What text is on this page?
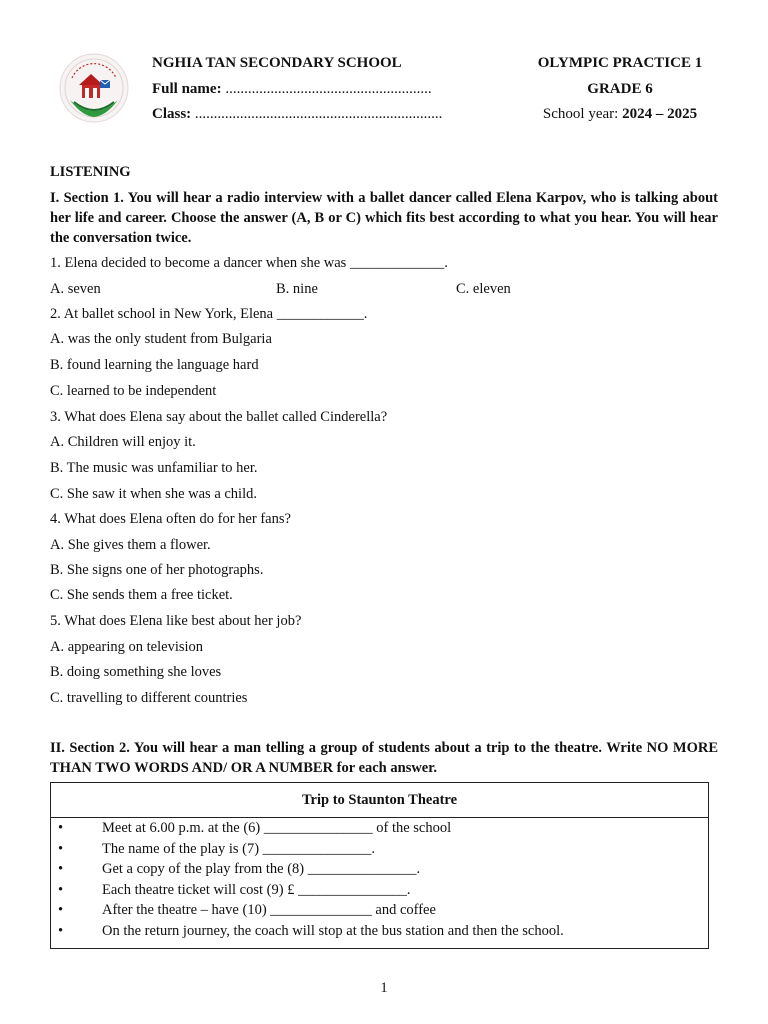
NGHIA TAN SECONDARY SCHOOL
Full name: .......................................................
Class: ..................................................................
OLYMPIC PRACTICE 1
GRADE 6
School year: 2024 – 2025
LISTENING
I. Section 1. You will hear a radio interview with a ballet dancer called Elena Karpov, who is talking about her life and career. Choose the answer (A, B or C) which fits best according to what you hear. You will hear the conversation twice.
1. Elena decided to become a dancer when she was _____________.
A. seven	B. nine	C. eleven
2. At ballet school in New York, Elena ____________.
A. was the only student from Bulgaria
B. found learning the language hard
C. learned to be independent
3. What does Elena say about the ballet called Cinderella?
A. Children will enjoy it.
B. The music was unfamiliar to her.
C. She saw it when she was a child.
4. What does Elena often do for her fans?
A. She gives them a flower.
B. She signs one of her photographs.
C. She sends them a free ticket.
5. What does Elena like best about her job?
A. appearing on television
B. doing something she loves
C. travelling to different countries
II. Section 2. You will hear a man telling a group of students about a trip to the theatre. Write NO MORE THAN TWO WORDS AND/ OR A NUMBER for each answer.
Trip to Staunton Theatre

•	Meet at 6.00 p.m. at the (6) _______________ of the school
•	The name of the play is (7) _______________.
•	Get a copy of the play from the (8) _______________.
•	Each theatre ticket will cost (9) £ _______________.
•	After the theatre – have (10) ______________ and coffee
•	On the return journey, the coach will stop at the bus station and then the school.
1
